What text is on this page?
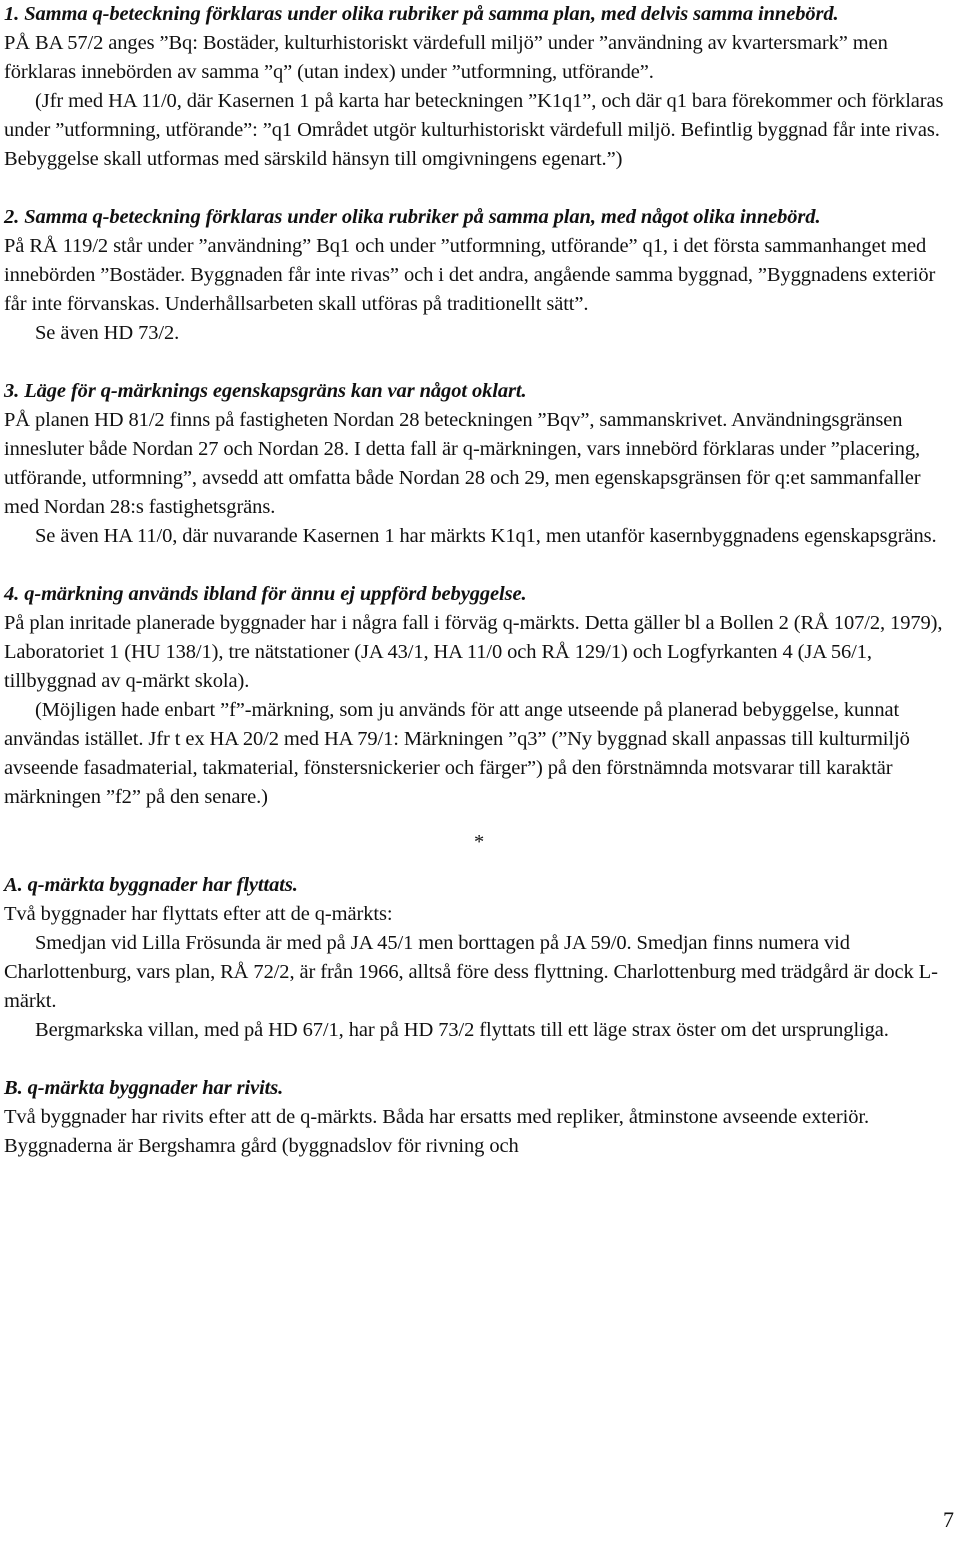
1. Samma q-beteckning förklaras under olika rubriker på samma plan, med delvis samma innebörd.

PÅ BA 57/2 anges ”Bq: Bostäder, kulturhistoriskt värdefull miljö” under ”användning av kvartersmark” men förklaras innebörden av samma ”q” (utan index) under ”utformning, utförande”.

(Jfr med HA 11/0, där Kasernen 1 på karta har beteckningen ”K1q1”, och där q1 bara förekommer och förklaras under ”utformning, utförande”: ”q1 Området utgör kulturhistoriskt värdefull miljö. Befintlig byggnad får inte rivas. Bebyggelse skall utformas med särskild hänsyn till omgivningens egenart.”)

2. Samma q-beteckning förklaras under olika rubriker på samma plan, med något olika innebörd.

På RÅ 119/2 står under ”användning” Bq1 och under ”utformning, utförande” q1, i det första sammanhanget med innebörden ”Bostäder. Byggnaden får inte rivas” och i det andra, angående samma byggnad, ”Byggnadens exteriör får inte förvanskas. Underhållsarbeten skall utföras på traditionellt sätt”.

Se även HD 73/2.

3. Läge för q-märknings egenskapsgräns kan var något oklart.

PÅ planen HD 81/2 finns på fastigheten Nordan 28 beteckningen ”Bqv”, sammanskrivet. Användningsgränsen innesluter både Nordan 27 och Nordan 28. I detta fall är q-märkningen, vars innebörd förklaras under ”placering, utförande, utformning”, avsedd att omfatta både Nordan 28 och 29, men egenskapsgränsen för q:et sammanfaller med Nordan 28:s fastighetsgräns.

Se även HA 11/0, där nuvarande Kasernen 1 har märkts K1q1, men utanför kasernbyggnadens egenskapsgräns.

4. q-märkning används ibland för ännu ej uppförd bebyggelse.

På plan inritade planerade byggnader har i några fall i förväg q-märkts. Detta gäller bl a Bollen 2 (RÅ 107/2, 1979), Laboratoriet 1 (HU 138/1), tre nätstationer (JA 43/1, HA 11/0 och RÅ 129/1) och Logfyrkanten 4 (JA 56/1, tillbyggnad av q-märkt skola).

(Möjligen hade enbart ”f”-märkning, som ju används för att ange utseende på planerad bebyggelse, kunnat användas istället. Jfr t ex HA 20/2 med HA 79/1: Märkningen ”q3” (”Ny byggnad skall anpassas till kulturmiljö avseende fasadmaterial, takmaterial, fönstersnickerier och färger”) på den förstnämnda motsvarar till karaktär märkningen ”f2” på den senare.)

*

A. q-märkta byggnader har flyttats.

Två byggnader har flyttats efter att de q-märkts:

Smedjan vid Lilla Frösunda är med på JA 45/1 men borttagen på JA 59/0. Smedjan finns numera vid Charlottenburg, vars plan, RÅ 72/2, är från 1966, alltså före dess flyttning. Charlottenburg med trädgård är dock L-märkt.

Bergmarkska villan, med på HD 67/1, har på HD 73/2 flyttats till ett läge strax öster om det ursprungliga.

B. q-märkta byggnader har rivits.

Två byggnader har rivits efter att de q-märkts. Båda har ersatts med repliker, åtminstone avseende exteriör. Byggnaderna är Bergshamra gård (byggnadslov för rivning och

7
